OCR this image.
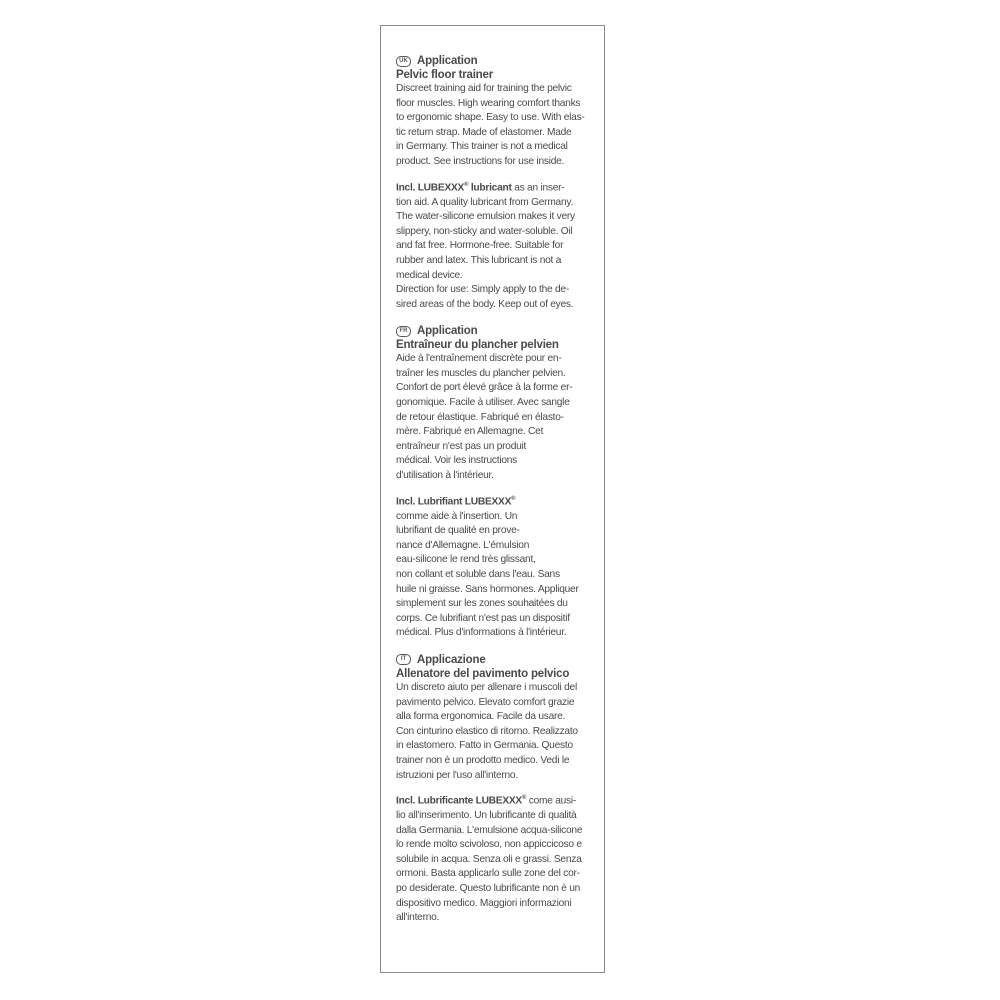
UK Application
Pelvic floor trainer
Discreet training aid for training the pelvic
floor muscles. High wearing comfort thanks
to ergonomic shape. Easy to use. With elas-
tic return strap. Made of elastomer. Made
in Germany. This trainer is not a medical
product. See instructions for use inside.
Incl. LUBEXXX® lubricant as an inser-
tion aid. A quality lubricant from Germany.
The water-silicone emulsion makes it very
slippery, non-sticky and water-soluble. Oil
and fat free. Hormone-free. Suitable for
rubber and latex. This lubricant is not a
medical device.
Direction for use: Simply apply to the de-
sired areas of the body. Keep out of eyes.
FR Application
Entraîneur du plancher pelvien
Aide à l'entraînement discrète pour en-
traîner les muscles du plancher pelvien.
Confort de port élevé grâce à la forme er-
gonomique. Facile à utiliser. Avec sangle
de retour élastique. Fabriqué en élasto-
mère. Fabriqué en Allemagne. Cet
entraîneur n'est pas un produit
médical. Voir les instructions
d'utilisation à l'intérieur.
Incl. Lubrifiant LUBEXXX®
comme aide à l'insertion. Un
lubrifiant de qualité en prove-
nance d'Allemagne. L'émulsion
eau-silicone le rend très glissant,
non collant et soluble dans l'eau. Sans
huile ni graisse. Sans hormones. Appliquer
simplement sur les zones souhaitées du
corps. Ce lubrifiant n'est pas un dispositif
médical. Plus d'informations à l'intérieur.
IT Applicazione
Allenatore del pavimento pelvico
Un discreto aiuto per allenare i muscoli del
pavimento pelvico. Elevato comfort grazie
alla forma ergonomica. Facile da usare.
Con cinturino elastico di ritorno. Realizzato
in elastomero. Fatto in Germania. Questo
trainer non è un prodotto medico. Vedi le
istruzioni per l'uso all'interno.
Incl. Lubrificante LUBEXXX® come ausi-
lio all'inserimento. Un lubrificante di qualità
dalla Germania. L'emulsione acqua-silicone
lo rende molto scivoloso, non appiccicoso e
solubile in acqua. Senza oli e grassi. Senza
ormoni. Basta applicarlo sulle zone del cor-
po desiderate. Questo lubrificante non è un
dispositivo medico. Maggiori informazioni
all'interno.
